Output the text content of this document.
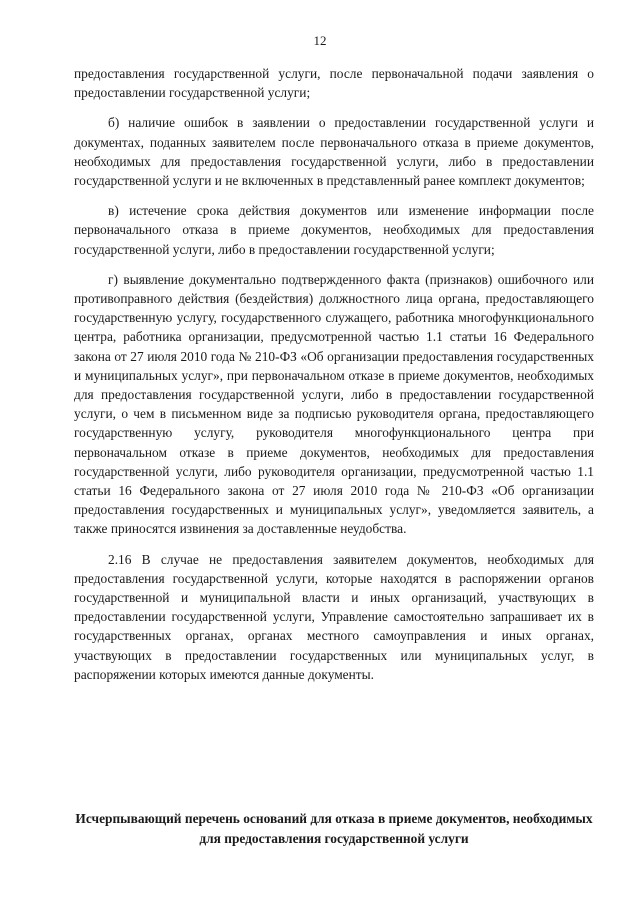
12

предоставления государственной услуги, после первоначальной подачи заявления о предоставлении государственной услуги;

б) наличие ошибок в заявлении о предоставлении государственной услуги и документах, поданных заявителем после первоначального отказа в приеме документов, необходимых для предоставления государственной услуги, либо в предоставлении государственной услуги и не включенных в представленный ранее комплект документов;

в) истечение срока действия документов или изменение информации после первоначального отказа в приеме документов, необходимых для предоставления государственной услуги, либо в предоставлении государственной услуги;

г) выявление документально подтвержденного факта (признаков) ошибочного или противоправного действия (бездействия) должностного лица органа, предоставляющего государственную услугу, государственного служащего, работника многофункционального центра, работника организации, предусмотренной частью 1.1 статьи 16 Федерального закона от 27 июля 2010 года № 210-ФЗ «Об организации предоставления государственных и муниципальных услуг», при первоначальном отказе в приеме документов, необходимых для предоставления государственной услуги, либо в предоставлении государственной услуги, о чем в письменном виде за подписью руководителя органа, предоставляющего государственную услугу, руководителя многофункционального центра при первоначальном отказе в приеме документов, необходимых для предоставления государственной услуги, либо руководителя организации, предусмотренной частью 1.1 статьи 16 Федерального закона от 27 июля 2010 года № 210-ФЗ «Об организации предоставления государственных и муниципальных услуг», уведомляется заявитель, а также приносятся извинения за доставленные неудобства.

2.16 В случае не предоставления заявителем документов, необходимых для предоставления государственной услуги, которые находятся в распоряжении органов государственной и муниципальной власти и иных организаций, участвующих в предоставлении государственной услуги, Управление самостоятельно запрашивает их в государственных органах, органах местного самоуправления и иных органах, участвующих в предоставлении государственных или муниципальных услуг, в распоряжении которых имеются данные документы.

Исчерпывающий перечень оснований для отказа в приеме документов, необходимых для предоставления государственной услуги
